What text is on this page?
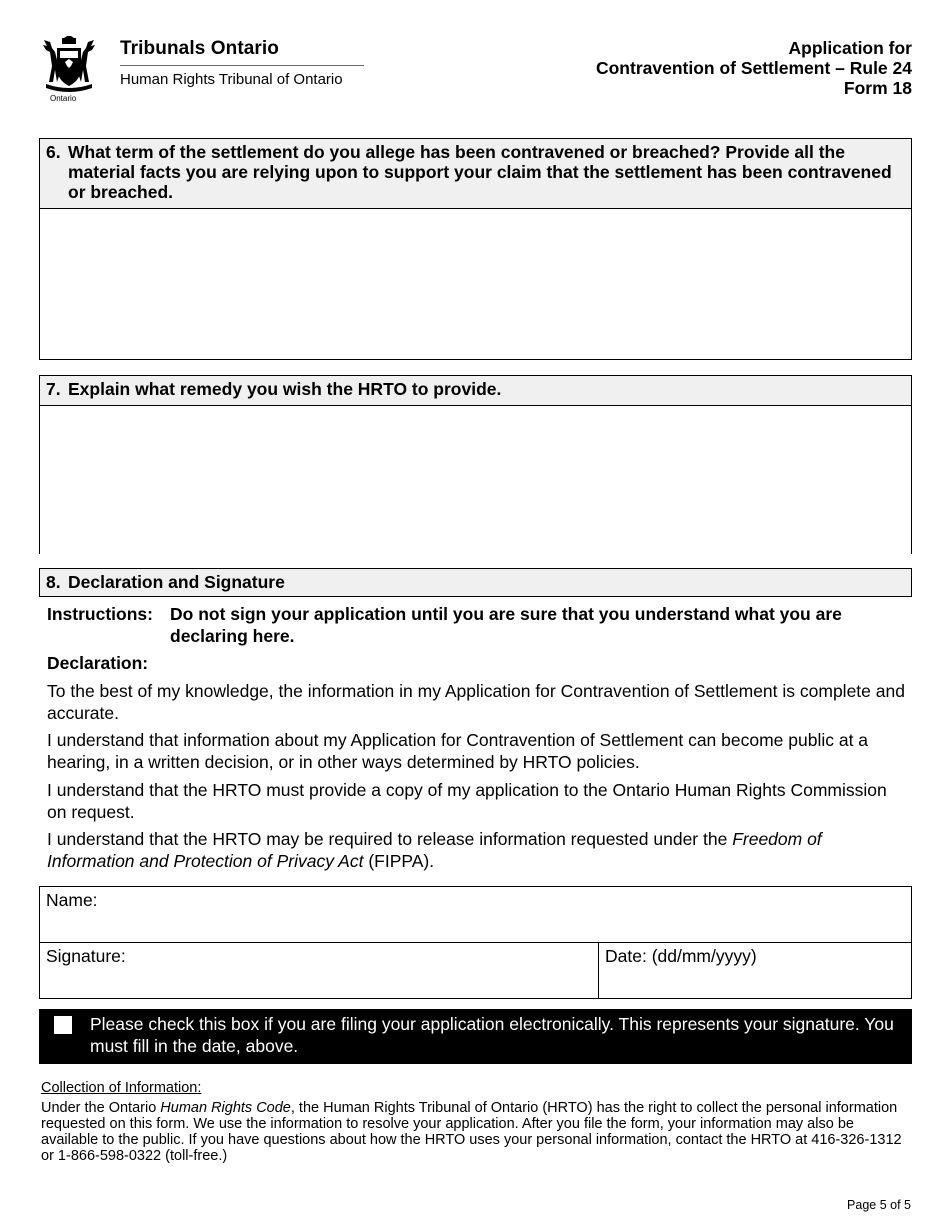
Ontario
Tribunals Ontario
Human Rights Tribunal of Ontario
Application for
Contravention of Settlement – Rule 24
Form 18
6. What term of the settlement do you allege has been contravened or breached? Provide all the material facts you are relying upon to support your claim that the settlement has been contravened or breached.
7. Explain what remedy you wish the HRTO to provide.
8. Declaration and Signature
Instructions: Do not sign your application until you are sure that you understand what you are declaring here.
Declaration:
To the best of my knowledge, the information in my Application for Contravention of Settlement is complete and accurate.
I understand that information about my Application for Contravention of Settlement can become public at a hearing, in a written decision, or in other ways determined by HRTO policies.
I understand that the HRTO must provide a copy of my application to the Ontario Human Rights Commission on request.
I understand that the HRTO may be required to release information requested under the Freedom of Information and Protection of Privacy Act (FIPPA).
Name:
Signature:	Date: (dd/mm/yyyy)
Please check this box if you are filing your application electronically. This represents your signature. You must fill in the date, above.
Collection of Information:
Under the Ontario Human Rights Code, the Human Rights Tribunal of Ontario (HRTO) has the right to collect the personal information requested on this form. We use the information to resolve your application. After you file the form, your information may also be available to the public. If you have questions about how the HRTO uses your personal information, contact the HRTO at 416-326-1312 or 1-866-598-0322 (toll-free.)
Page 5 of 5
